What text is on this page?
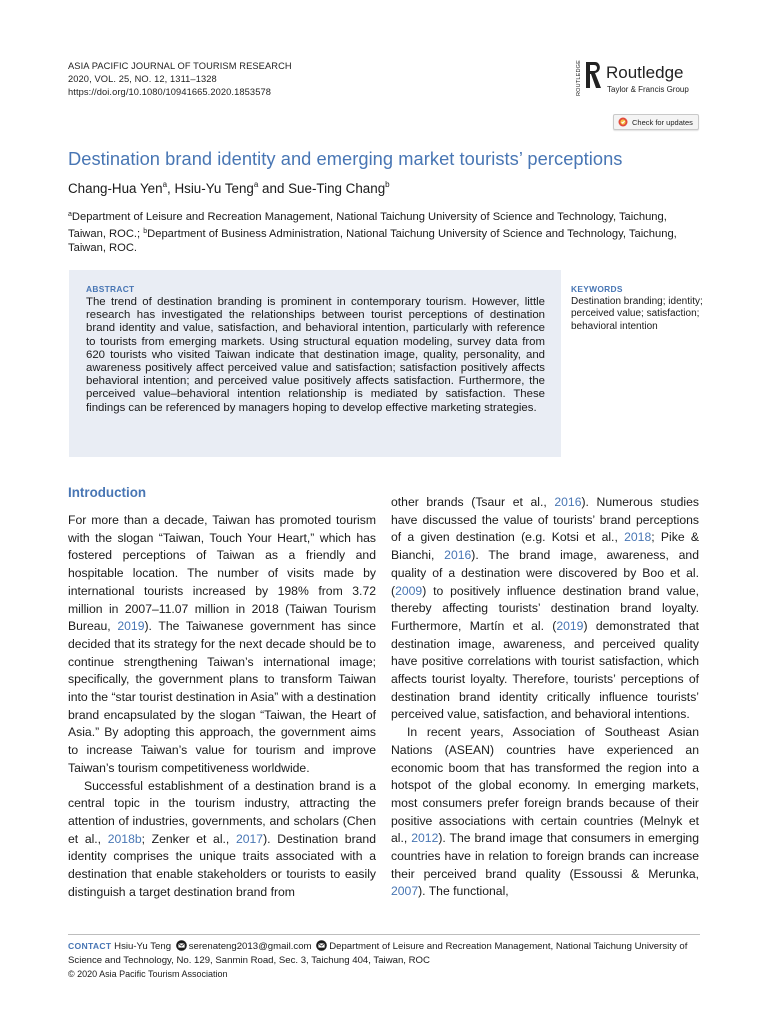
ASIA PACIFIC JOURNAL OF TOURISM RESEARCH
2020, VOL. 25, NO. 12, 1311–1328
https://doi.org/10.1080/10941665.2020.1853578	ROUTLEDGE Routledge
Taylor & Francis Group
Check for updates
Destination brand identity and emerging market tourists’ perceptions
Chang-Hua Yen$^a$, Hsiu-Yu Teng$^a$ and Sue-Ting Chang$^b$
$^a$Department of Leisure and Recreation Management, National Taichung University of Science and Technology, Taichung, Taiwan, ROC.; $^b$Department of Business Administration, National Taichung University of Science and Technology, Taichung, Taiwan, ROC.
ABSTRACT
The trend of destination branding is prominent in contemporary tourism. However, little research has investigated the relationships between tourist perceptions of destination brand identity and value, satisfaction, and behavioral intention, particularly with reference to tourists from emerging markets. Using structural equation modeling, survey data from 620 tourists who visited Taiwan indicate that destination image, quality, personality, and awareness positively affect perceived value and satisfaction; satisfaction positively affects behavioral intention; and perceived value positively affects satisfaction. Furthermore, the perceived value–behavioral intention relationship is mediated by satisfaction. These findings can be referenced by managers hoping to develop effective marketing strategies.
KEYWORDS
Destination branding; identity; perceived value; satisfaction; behavioral intention
Introduction

For more than a decade, Taiwan has promoted tourism with the slogan “Taiwan, Touch Your Heart,” which has fostered perceptions of Taiwan as a friendly and hospitable location. The number of visits made by international tourists increased by 198% from 3.72 million in 2007–11.07 million in 2018 (Taiwan Tourism Bureau, 2019). The Taiwanese government has since decided that its strategy for the next decade should be to continue strengthening Taiwan’s international image; specifically, the government plans to transform Taiwan into the “star tourist destination in Asia” with a destination brand encapsulated by the slogan “Taiwan, the Heart of Asia.” By adopting this approach, the government aims to increase Taiwan’s value for tourism and improve Taiwan’s tourism competitiveness worldwide.

Successful establishment of a destination brand is a central topic in the tourism industry, attracting the attention of industries, governments, and scholars (Chen et al., 2018b; Zenker et al., 2017). Destination brand identity comprises the unique traits associated with a destination that enable stakeholders or tourists to easily distinguish a target destination brand from

other brands (Tsaur et al., 2016). Numerous studies have discussed the value of tourists’ brand perceptions of a given destination (e.g. Kotsi et al., 2018; Pike & Bianchi, 2016). The brand image, awareness, and quality of a destination were discovered by Boo et al. (2009) to positively influence destination brand value, thereby affecting tourists’ destination brand loyalty. Furthermore, Martín et al. (2019) demonstrated that destination image, awareness, and perceived quality have positive correlations with tourist satisfaction, which affects tourist loyalty. Therefore, tourists’ perceptions of destination brand identity critically influence tourists’ perceived value, satisfaction, and behavioral intentions.

In recent years, Association of Southeast Asian Nations (ASEAN) countries have experienced an economic boom that has transformed the region into a hotspot of the global economy. In emerging markets, most consumers prefer foreign brands because of their positive associations with certain countries (Melnyk et al., 2012). The brand image that consumers in emerging countries have in relation to foreign brands can increase their perceived brand quality (Essoussi & Merunka, 2007). The functional,

CONTACT Hsiu-Yu Teng serenateng2013@gmail.com Department of Leisure and Recreation Management, National Taichung University of Science and Technology, No. 129, Sanmin Road, Sec. 3, Taichung 404, Taiwan, ROC
© 2020 Asia Pacific Tourism Association
